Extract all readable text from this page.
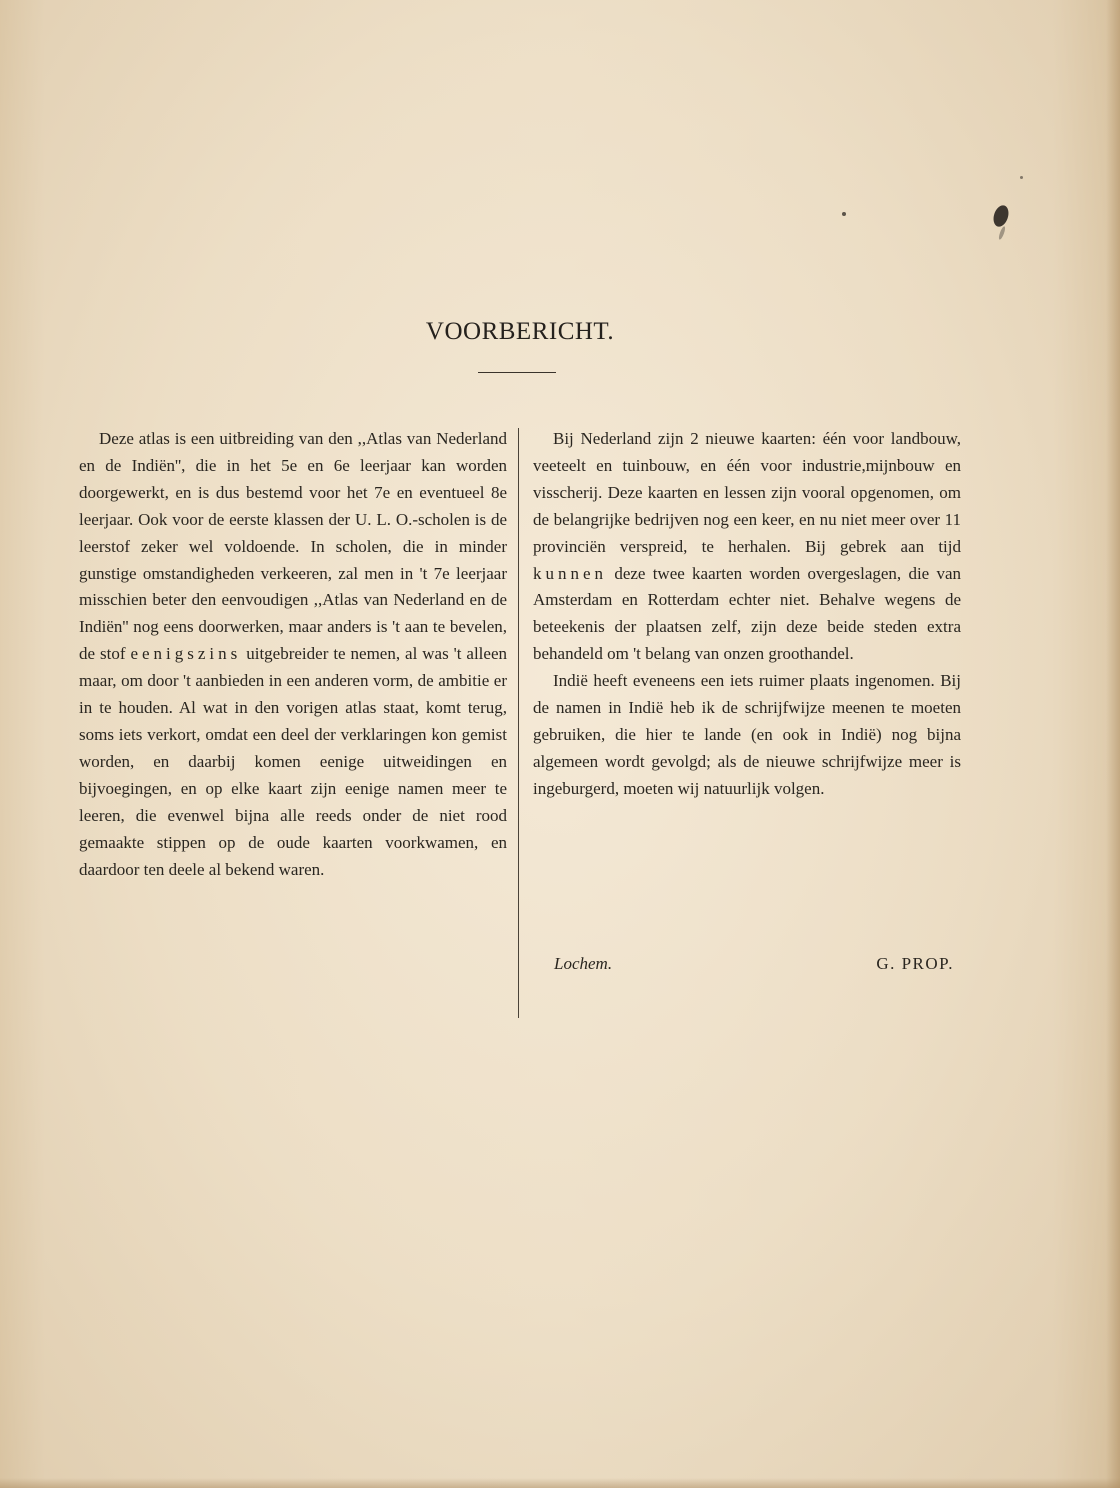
VOORBERICHT.

Deze atlas is een uitbreiding van den ,,Atlas van Nederland en de Indiën'', die in het 5e en 6e leerjaar kan worden doorgewerkt, en is dus bestemd voor het 7e en eventueel 8e leerjaar. Ook voor de eerste klassen der U. L. O.-scholen is de leerstof zeker wel voldoende. In scholen, die in minder gunstige omstandigheden verkeeren, zal men in 't 7e leerjaar misschien beter den eenvoudigen ,,Atlas van Nederland en de Indiën'' nog eens doorwerken, maar anders is 't aan te bevelen, de stof eenigszins uitgebreider te nemen, al was 't alleen maar, om door 't aanbieden in een anderen vorm, de ambitie er in te houden. Al wat in den vorigen atlas staat, komt terug, soms iets verkort, omdat een deel der verklaringen kon gemist worden, en daarbij komen eenige uitweidingen en bijvoegingen, en op elke kaart zijn eenige namen meer te leeren, die evenwel bijna alle reeds onder de niet rood gemaakte stippen op de oude kaarten voorkwamen, en daardoor ten deele al bekend waren.

Bij Nederland zijn 2 nieuwe kaarten: één voor landbouw, veeteelt en tuinbouw, en één voor industrie,mijnbouw en visscherij. Deze kaarten en lessen zijn vooral opgenomen, om de belangrijke bedrijven nog een keer, en nu niet meer over 11 provinciën verspreid, te herhalen. Bij gebrek aan tijd kunnen deze twee kaarten worden overgeslagen, die van Amsterdam en Rotterdam echter niet. Behalve wegens de beteekenis der plaatsen zelf, zijn deze beide steden extra behandeld om 't belang van onzen groothandel.

Indië heeft eveneens een iets ruimer plaats ingenomen. Bij de namen in Indië heb ik de schrijfwijze meenen te moeten gebruiken, die hier te lande (en ook in Indië) nog bijna algemeen wordt gevolgd; als de nieuwe schrijfwijze meer is ingeburgerd, moeten wij natuurlijk volgen.

Lochem.	G. PROP.
